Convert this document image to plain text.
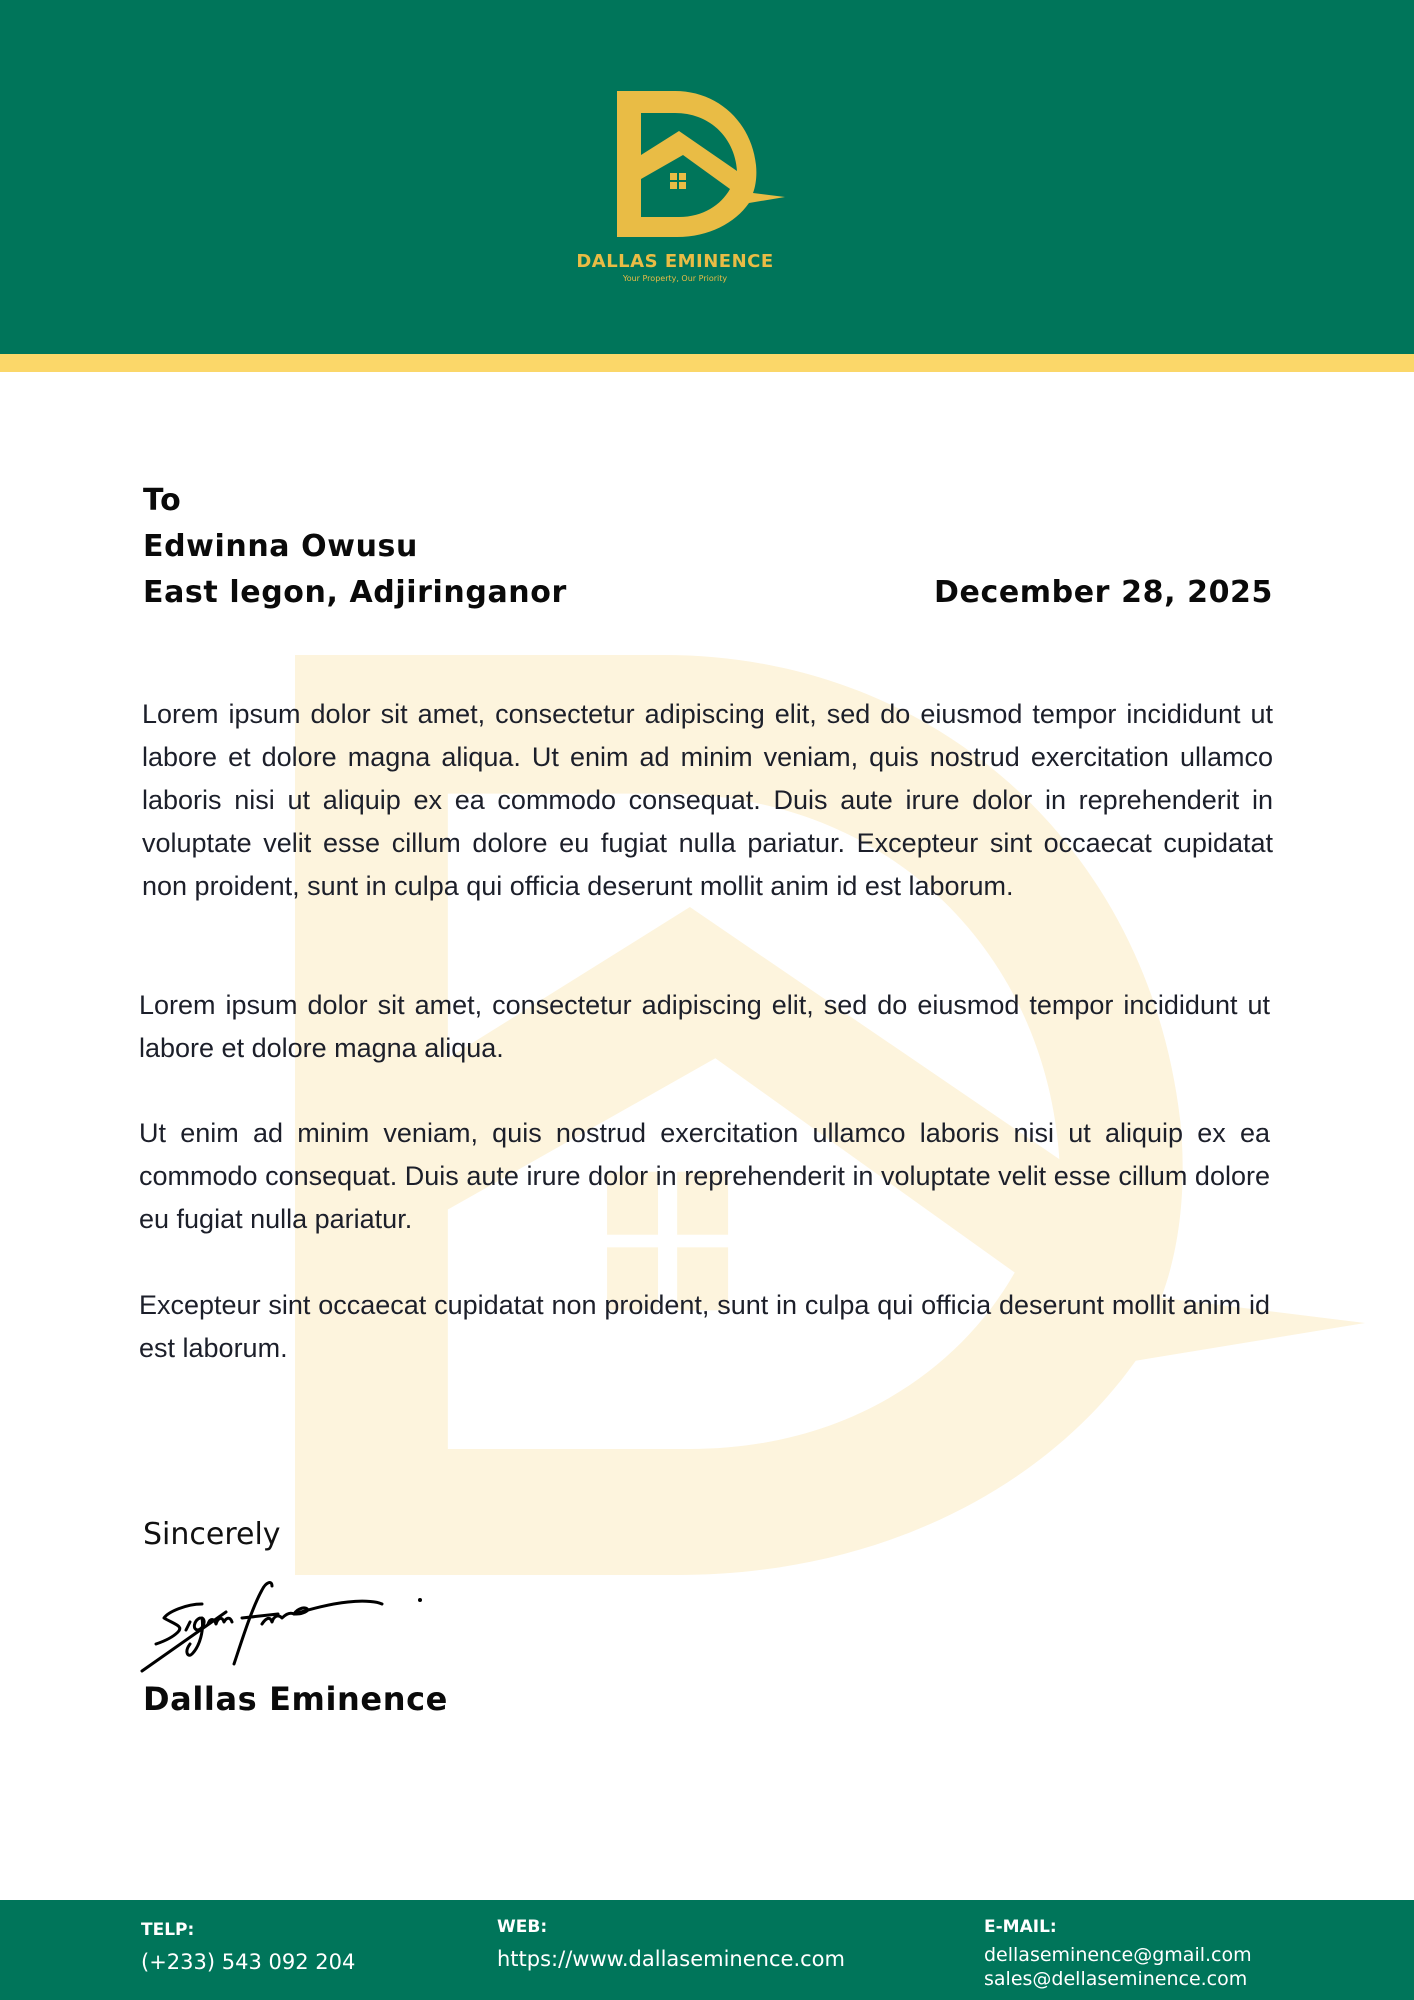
DALLAS EMINENCE
Your Property, Our Priority
To
Edwinna Owusu
East legon, Adjiringanor	December 28, 2025

Lorem ipsum dolor sit amet, consectetur adipiscing elit, sed do eiusmod tempor incididunt ut labore et dolore magna aliqua. Ut enim ad minim veniam, quis nostrud exercitation ullamco laboris nisi ut aliquip ex ea commodo consequat. Duis aute irure dolor in reprehenderit in voluptate velit esse cillum dolore eu fugiat nulla pariatur. Excepteur sint occaecat cupidatat non proident, sunt in culpa qui officia deserunt mollit anim id est laborum.

Lorem ipsum dolor sit amet, consectetur adipiscing elit, sed do eiusmod tempor incididunt ut labore et dolore magna aliqua.

Ut enim ad minim veniam, quis nostrud exercitation ullamco laboris nisi ut aliquip ex ea commodo consequat. Duis aute irure dolor in reprehenderit in voluptate velit esse cillum dolore eu fugiat nulla pariatur.

Excepteur sint occaecat cupidatat non proident, sunt in culpa qui officia deserunt mollit anim id est laborum.

Sincerely
Dallas Eminence
TELP:
(+233) 543 092 204
WEB:
https://www.dallaseminence.com
E-MAIL:
dellaseminence@gmail.com
sales@dellaseminence.com
